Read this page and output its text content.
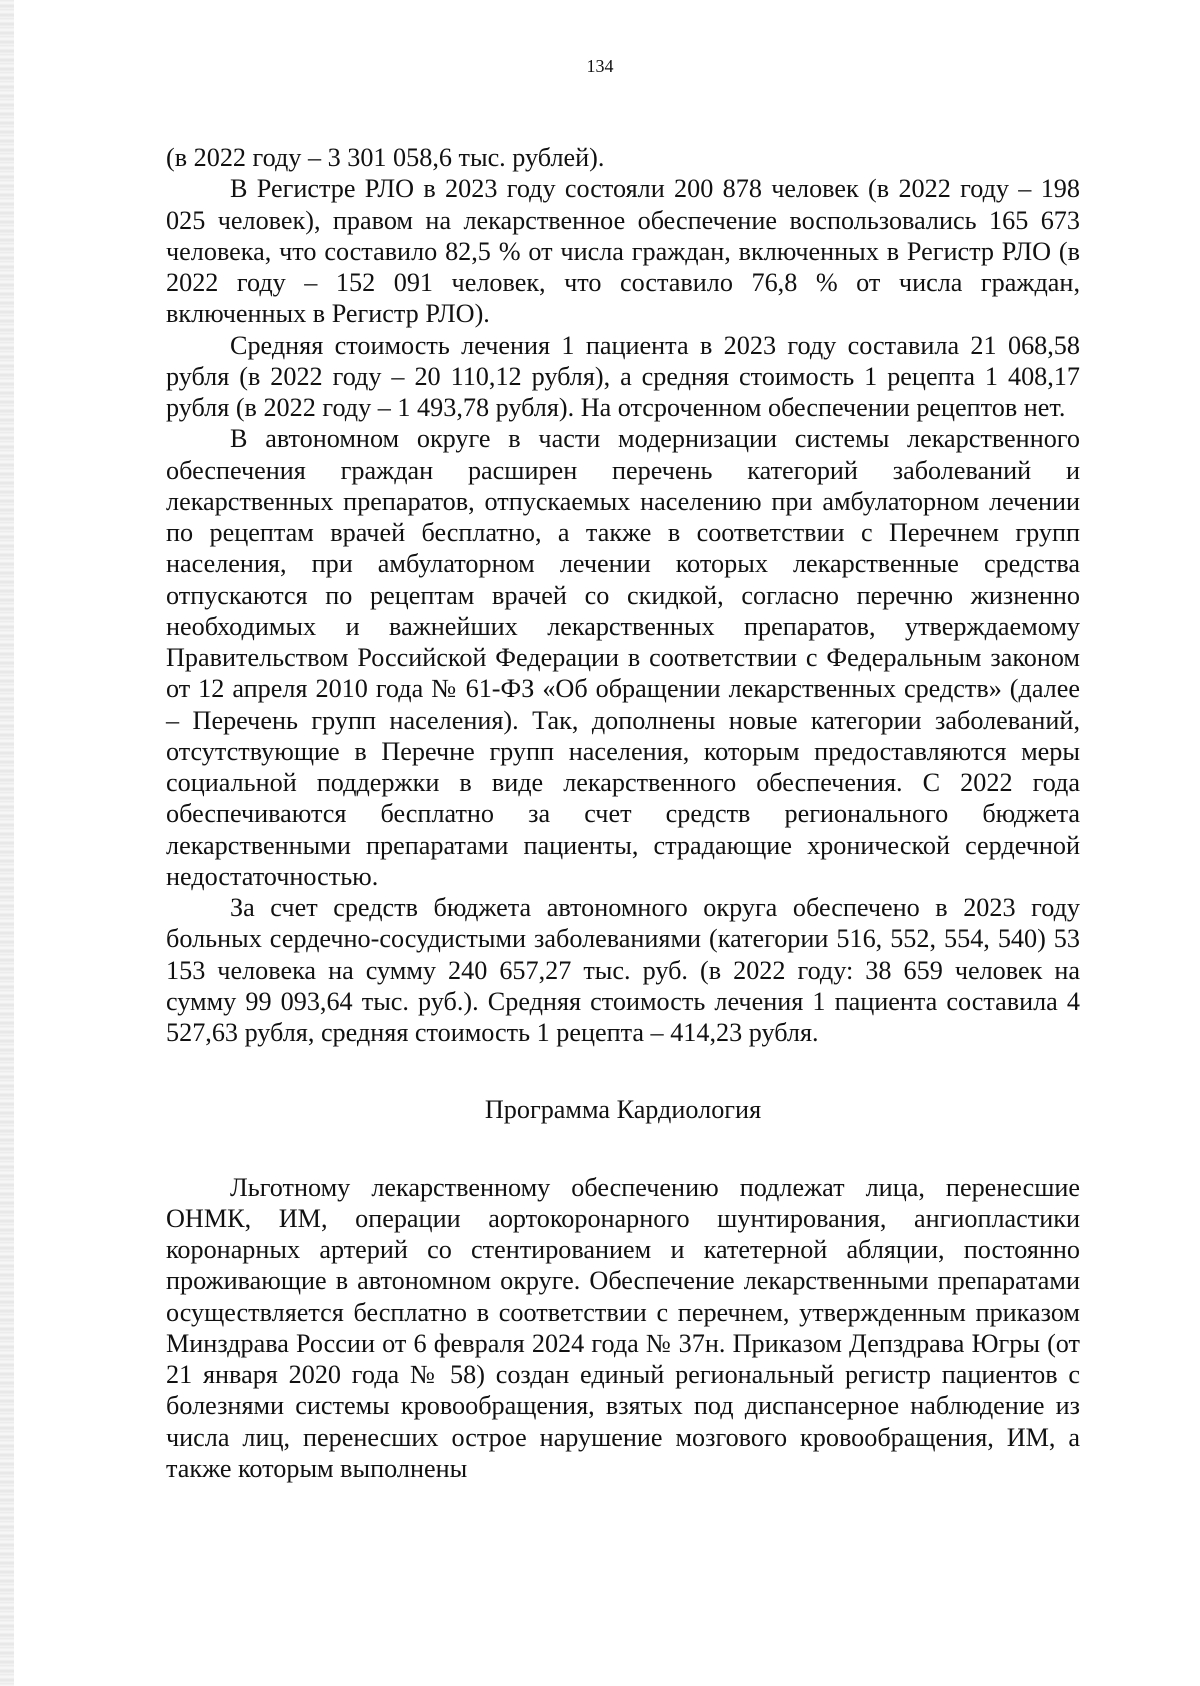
134

(в 2022 году – 3 301 058,6 тыс. рублей).

В Регистре РЛО в 2023 году состояли 200 878 человек (в 2022 году – 198 025 человек), правом на лекарственное обеспечение воспользовались 165 673 человека, что составило 82,5 % от числа граждан, включенных в Регистр РЛО (в 2022 году – 152 091 человек, что составило 76,8 % от числа граждан, включенных в Регистр РЛО).

Средняя стоимость лечения 1 пациента в 2023 году составила 21 068,58 рубля (в 2022 году – 20 110,12 рубля), а средняя стоимость 1 рецепта 1 408,17 рубля (в 2022 году – 1 493,78 рубля). На отсроченном обеспечении рецептов нет.

В автономном округе в части модернизации системы лекарственного обеспечения граждан расширен перечень категорий заболеваний и лекарственных препаратов, отпускаемых населению при амбулаторном лечении по рецептам врачей бесплатно, а также в соответствии с Перечнем групп населения, при амбулаторном лечении которых лекарственные средства отпускаются по рецептам врачей со скидкой, согласно перечню жизненно необходимых и важнейших лекарственных препаратов, утверждаемому Правительством Российской Федерации в соответствии с Федеральным законом от 12 апреля 2010 года № 61-ФЗ «Об обращении лекарственных средств» (далее – Перечень групп населения). Так, дополнены новые категории заболеваний, отсутствующие в Перечне групп населения, которым предоставляются меры социальной поддержки в виде лекарственного обеспечения. С 2022 года обеспечиваются бесплатно за счет средств регионального бюджета лекарственными препаратами пациенты, страдающие хронической сердечной недостаточностью.

За счет средств бюджета автономного округа обеспечено в 2023 году больных сердечно-сосудистыми заболеваниями (категории 516, 552, 554, 540) 53 153 человека на сумму 240 657,27 тыс. руб. (в 2022 году: 38 659 человек на сумму 99 093,64 тыс. руб.). Средняя стоимость лечения 1 пациента составила 4 527,63 рубля, средняя стоимость 1 рецепта – 414,23 рубля.

Программа Кардиология

Льготному лекарственному обеспечению подлежат лица, перенесшие ОНМК, ИМ, операции аортокоронарного шунтирования, ангиопластики коронарных артерий со стентированием и катетерной абляции, постоянно проживающие в автономном округе. Обеспечение лекарственными препаратами осуществляется бесплатно в соответствии с перечнем, утвержденным приказом Минздрава России от 6 февраля 2024 года № 37н. Приказом Депздрава Югры (от 21 января 2020 года № 58) создан единый региональный регистр пациентов с болезнями системы кровообращения, взятых под диспансерное наблюдение из числа лиц, перенесших острое нарушение мозгового кровообращения, ИМ, а также которым выполнены
